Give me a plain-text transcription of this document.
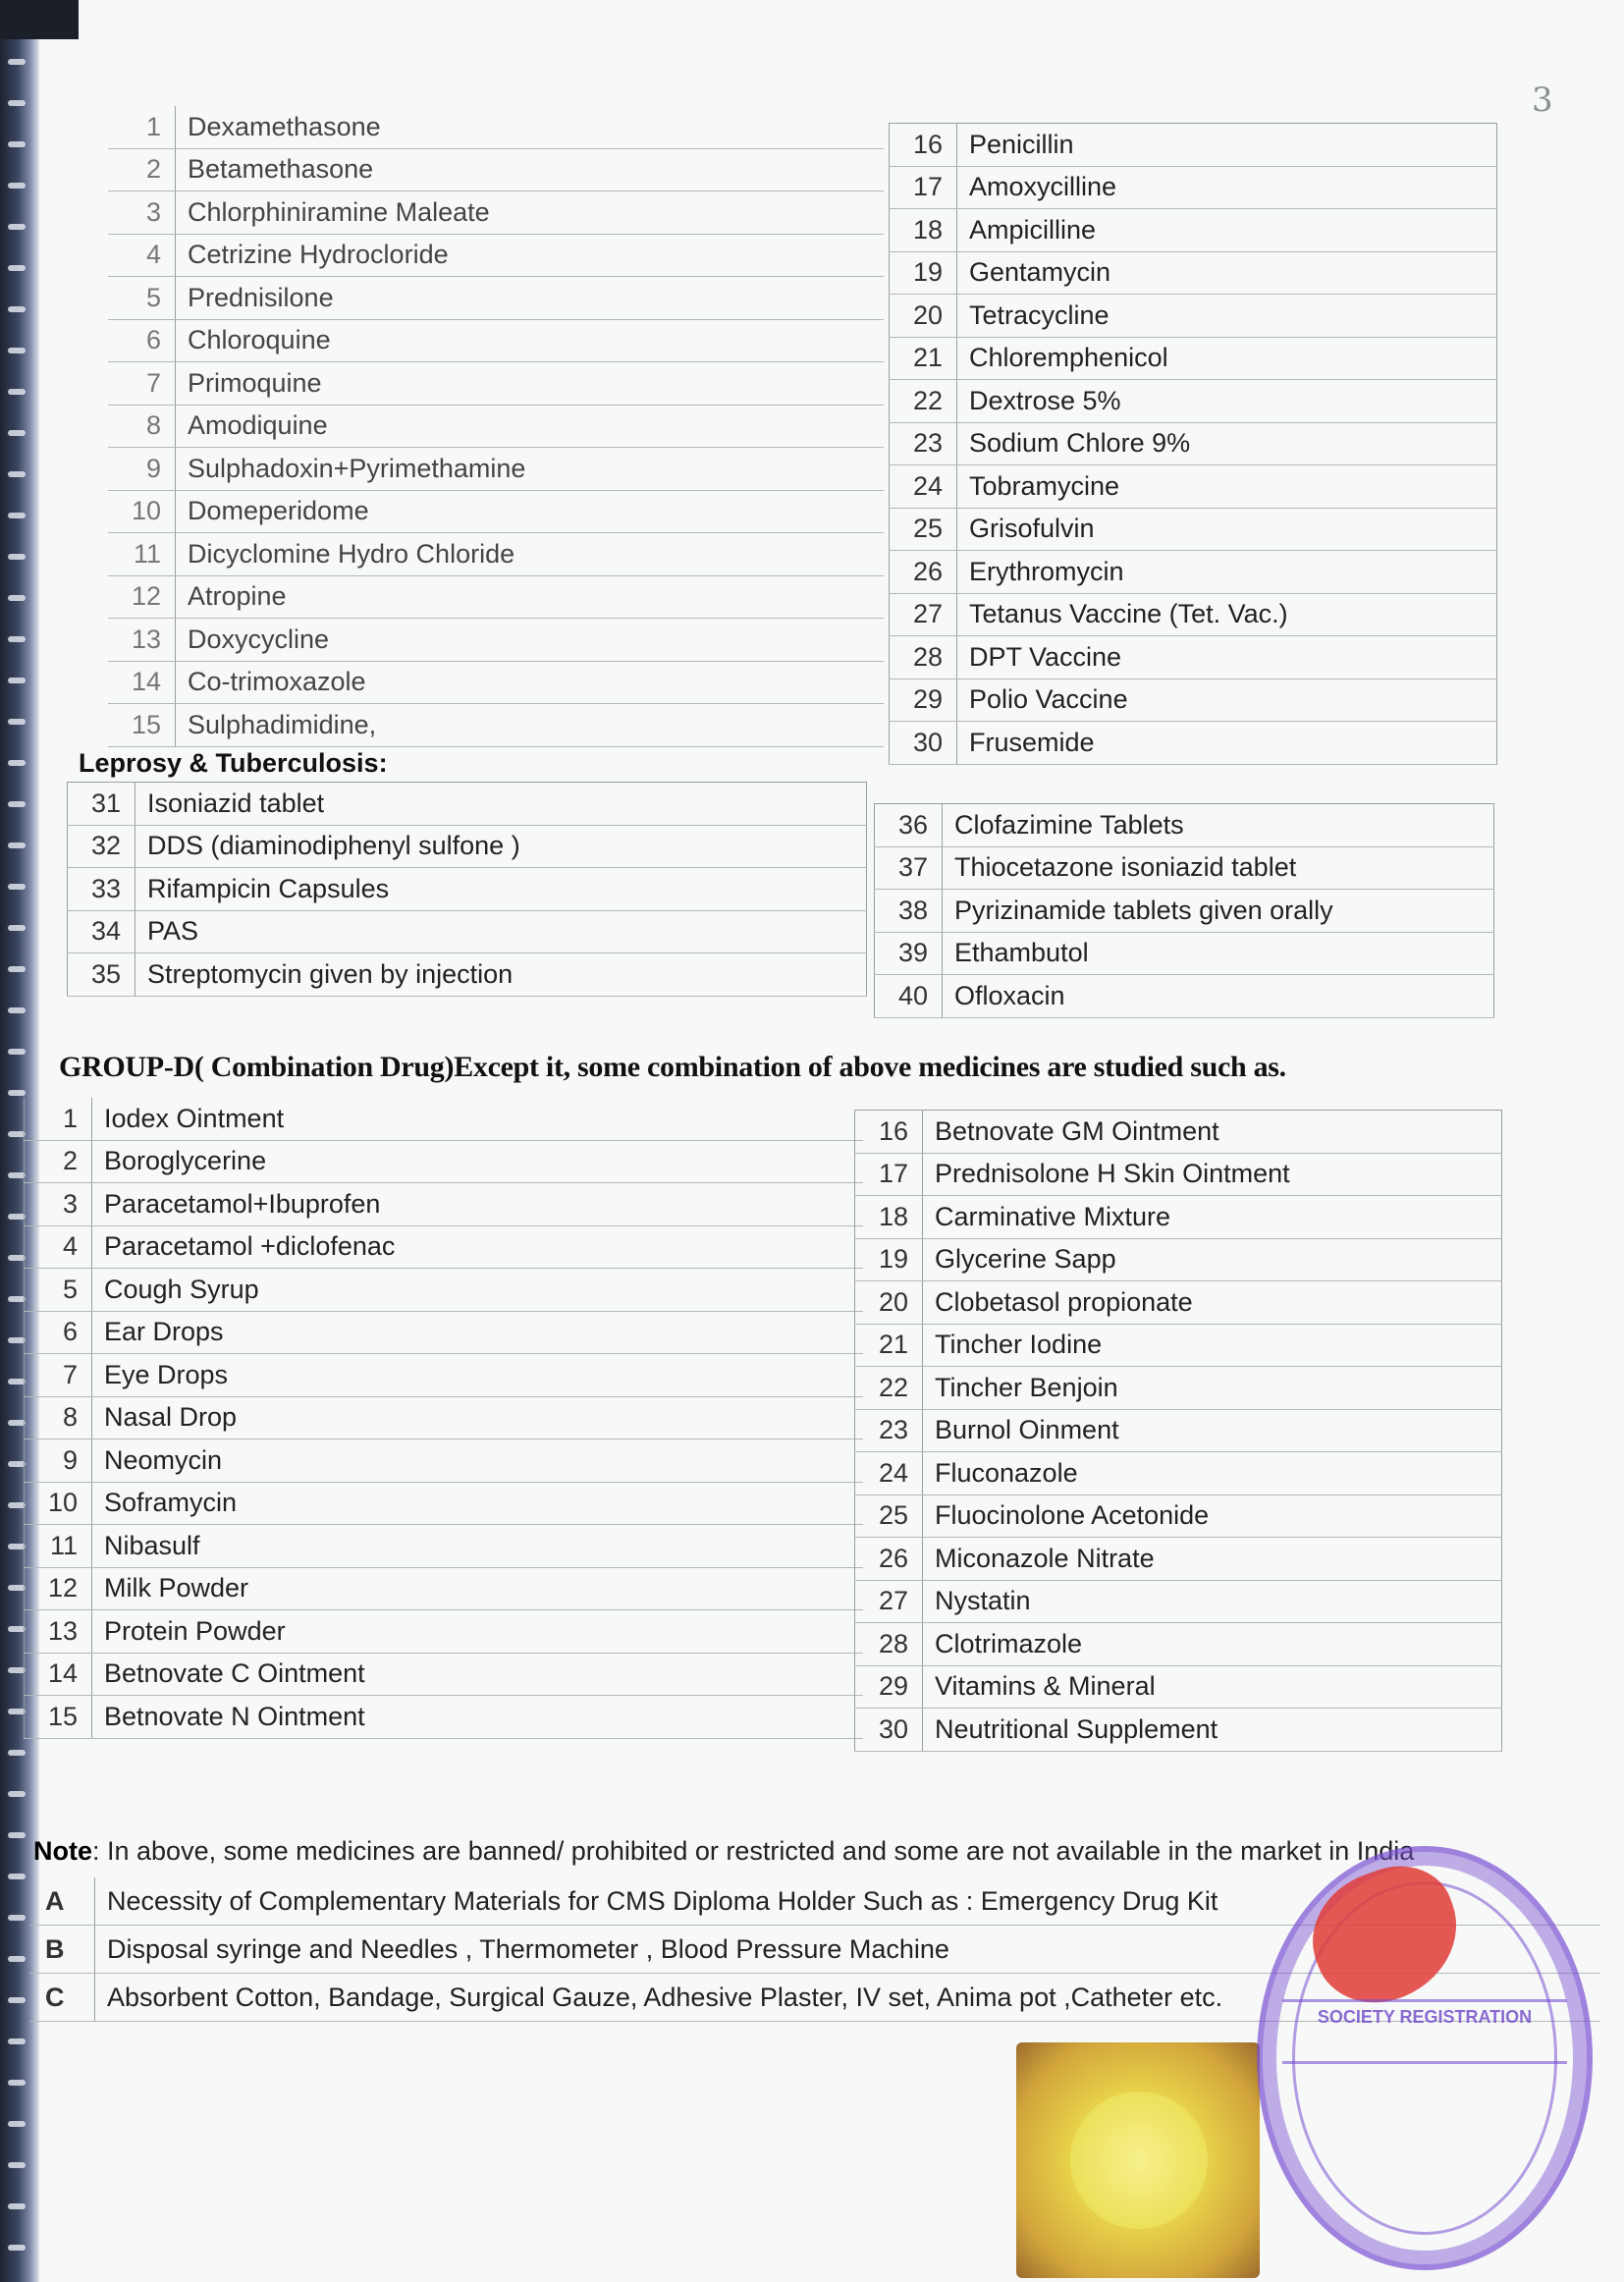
3
1	Dexamethasone
2	Betamethasone
3	Chlorphiniramine Maleate
4	Cetrizine Hydrocloride
5	Prednisilone
6	Chloroquine
7	Primoquine
8	Amodiquine
9	Sulphadoxin+Pyrimethamine
10	Domeperidome
11	Dicyclomine Hydro Chloride
12	Atropine
13	Doxycycline
14	Co-trimoxazole
15	Sulphadimidine,
16	Penicillin
17	Amoxycilline
18	Ampicilline
19	Gentamycin
20	Tetracycline
21	Chloremphenicol
22	Dextrose 5%
23	Sodium Chlore 9%
24	Tobramycine
25	Grisofulvin
26	Erythromycin
27	Tetanus Vaccine (Tet. Vac.)
28	DPT Vaccine
29	Polio Vaccine
30	Frusemide
Leprosy & Tuberculosis:
31	Isoniazid tablet
32	DDS (diaminodiphenyl sulfone )
33	Rifampicin Capsules
34	PAS
35	Streptomycin given by injection
36	Clofazimine Tablets
37	Thiocetazone isoniazid tablet
38	Pyrizinamide tablets given orally
39	Ethambutol
40	Ofloxacin
GROUP-D( Combination Drug)Except it, some combination of above medicines are studied such as.
1	Iodex Ointment
2	Boroglycerine
3	Paracetamol+Ibuprofen
4	Paracetamol +diclofenac
5	Cough Syrup
6	Ear Drops
7	Eye Drops
8	Nasal Drop
9	Neomycin
10	Soframycin
11	Nibasulf
12	Milk Powder
13	Protein Powder
14	Betnovate C Ointment
15	Betnovate N Ointment
16	Betnovate GM Ointment
17	Prednisolone H Skin Ointment
18	Carminative Mixture
19	Glycerine Sapp
20	Clobetasol propionate
21	Tincher Iodine
22	Tincher Benjoin
23	Burnol Oinment
24	Fluconazole
25	Fluocinolone Acetonide
26	Miconazole Nitrate
27	Nystatin
28	Clotrimazole
29	Vitamins & Mineral
30	Neutritional Supplement
Note: In above, some medicines are banned/ prohibited or restricted and some are not available in the market in India
A	Necessity of Complementary Materials for CMS Diploma Holder Such as : Emergency Drug Kit
B	Disposal syringe and Needles , Thermometer , Blood Pressure Machine
C	Absorbent Cotton, Bandage, Surgical Gauze, Adhesive Plaster, IV set, Anima pot ,Catheter etc.
SOCIETY REGISTRATION
